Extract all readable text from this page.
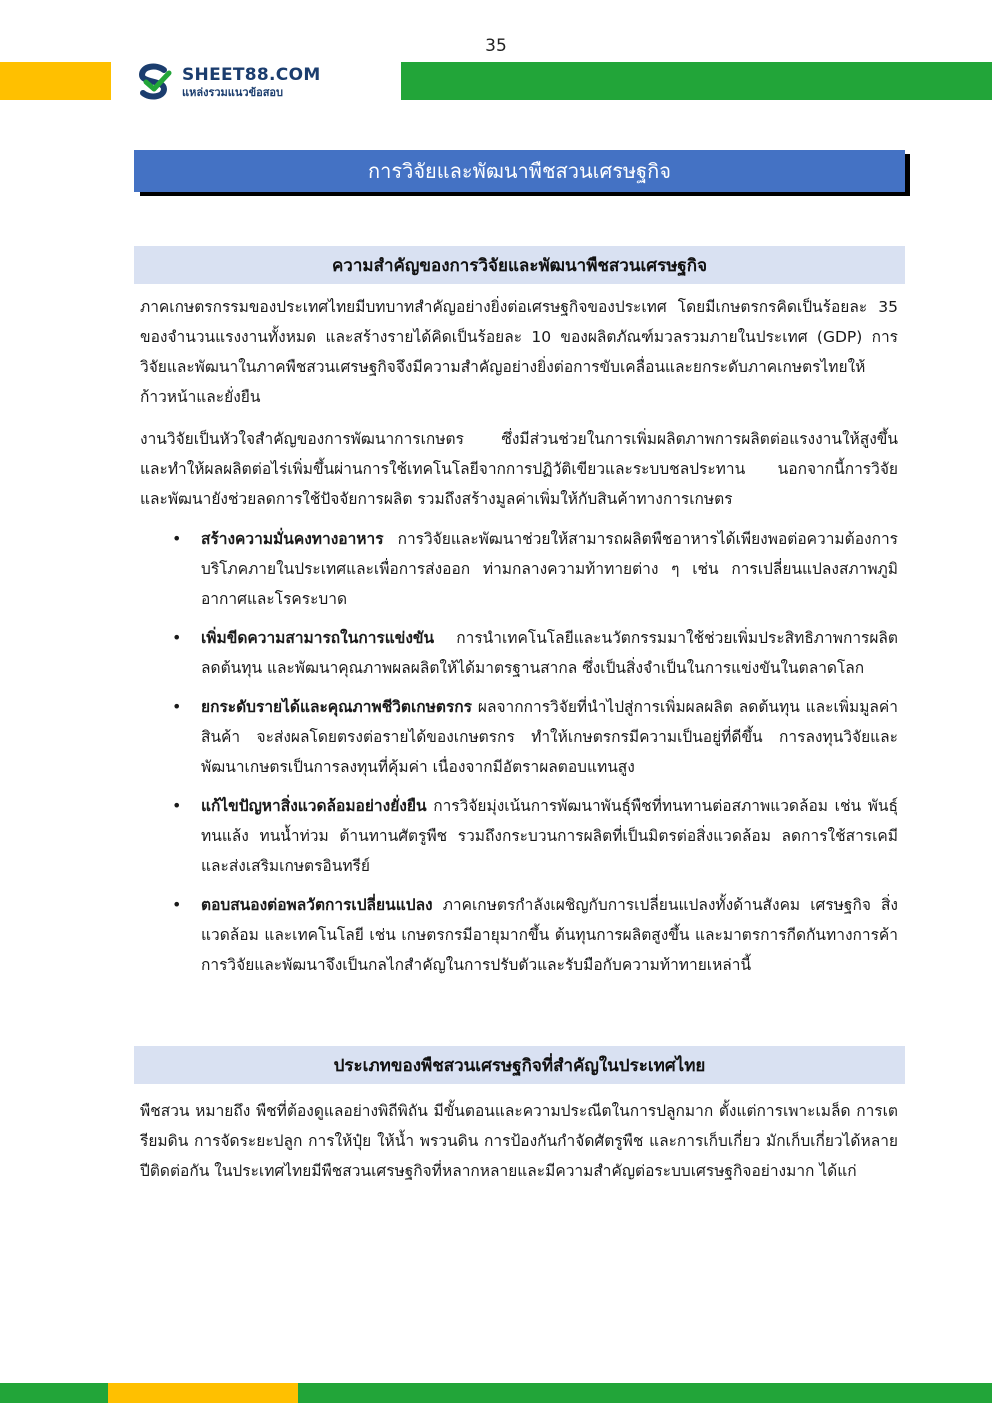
35
SHEET88.COM
แหล่งรวมแนวข้อสอบ
การวิจัยและพัฒนาพืชสวนเศรษฐกิจ
ความสำคัญของการวิจัยและพัฒนาพืชสวนเศรษฐกิจ

ภาคเกษตรกรรมของประเทศไทยมีบทบาทสำคัญอย่างยิ่งต่อเศรษฐกิจของประเทศ โดยมีเกษตรกรคิดเป็นร้อยละ 35 ของจำนวนแรงงานทั้งหมด และสร้างรายได้คิดเป็นร้อยละ 10 ของผลิตภัณฑ์มวลรวมภายในประเทศ (GDP) การวิจัยและพัฒนาในภาคพืชสวนเศรษฐกิจจึงมีความสำคัญอย่างยิ่งต่อการขับเคลื่อนและยกระดับภาคเกษตรไทยให้ก้าวหน้าและยั่งยืน

งานวิจัยเป็นหัวใจสำคัญของการพัฒนาการเกษตร ซึ่งมีส่วนช่วยในการเพิ่มผลิตภาพการผลิตต่อแรงงานให้สูงขึ้น และทำให้ผลผลิตต่อไร่เพิ่มขึ้นผ่านการใช้เทคโนโลยีจากการปฏิวัติเขียวและระบบชลประทาน นอกจากนี้การวิจัยและพัฒนายังช่วยลดการใช้ปัจจัยการผลิต รวมถึงสร้างมูลค่าเพิ่มให้กับสินค้าทางการเกษตร

• สร้างความมั่นคงทางอาหาร การวิจัยและพัฒนาช่วยให้สามารถผลิตพืชอาหารได้เพียงพอต่อความต้องการบริโภคภายในประเทศและเพื่อการส่งออก ท่ามกลางความท้าทายต่าง ๆ เช่น การเปลี่ยนแปลงสภาพภูมิอากาศและโรคระบาด
• เพิ่มขีดความสามารถในการแข่งขัน การนำเทคโนโลยีและนวัตกรรมมาใช้ช่วยเพิ่มประสิทธิภาพการผลิต ลดต้นทุน และพัฒนาคุณภาพผลผลิตให้ได้มาตรฐานสากล ซึ่งเป็นสิ่งจำเป็นในการแข่งขันในตลาดโลก
• ยกระดับรายได้และคุณภาพชีวิตเกษตรกร ผลจากการวิจัยที่นำไปสู่การเพิ่มผลผลิต ลดต้นทุน และเพิ่มมูลค่าสินค้า จะส่งผลโดยตรงต่อรายได้ของเกษตรกร ทำให้เกษตรกรมีความเป็นอยู่ที่ดีขึ้น การลงทุนวิจัยและพัฒนาเกษตรเป็นการลงทุนที่คุ้มค่า เนื่องจากมีอัตราผลตอบแทนสูง
• แก้ไขปัญหาสิ่งแวดล้อมอย่างยั่งยืน การวิจัยมุ่งเน้นการพัฒนาพันธุ์พืชที่ทนทานต่อสภาพแวดล้อม เช่น พันธุ์ทนแล้ง ทนน้ำท่วม ต้านทานศัตรูพืช รวมถึงกระบวนการผลิตที่เป็นมิตรต่อสิ่งแวดล้อม ลดการใช้สารเคมี และส่งเสริมเกษตรอินทรีย์
• ตอบสนองต่อพลวัตการเปลี่ยนแปลง ภาคเกษตรกำลังเผชิญกับการเปลี่ยนแปลงทั้งด้านสังคม เศรษฐกิจ สิ่งแวดล้อม และเทคโนโลยี เช่น เกษตรกรมีอายุมากขึ้น ต้นทุนการผลิตสูงขึ้น และมาตรการกีดกันทางการค้า การวิจัยและพัฒนาจึงเป็นกลไกสำคัญในการปรับตัวและรับมือกับความท้าทายเหล่านี้
ประเภทของพืชสวนเศรษฐกิจที่สำคัญในประเทศไทย

พืชสวน หมายถึง พืชที่ต้องดูแลอย่างพิถีพิถัน มีขั้นตอนและความประณีตในการปลูกมาก ตั้งแต่การเพาะเมล็ด การเตรียมดิน การจัดระยะปลูก การให้ปุ๋ย ให้น้ำ พรวนดิน การป้องกันกำจัดศัตรูพืช และการเก็บเกี่ยว มักเก็บเกี่ยวได้หลายปีติดต่อกัน ในประเทศไทยมีพืชสวนเศรษฐกิจที่หลากหลายและมีความสำคัญต่อระบบเศรษฐกิจอย่างมาก ได้แก่
